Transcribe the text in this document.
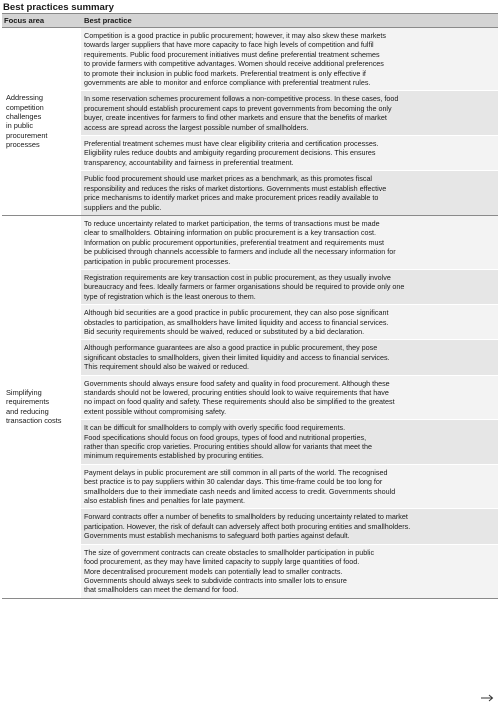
Best practices summary
Focus area	Best practice
Addressing
competition
challenges
in public
procurement
processes
Competition is a good practice in public procurement; however, it may also skew these markets
towards larger suppliers that have more capacity to face high levels of competition and fulfil
requirements. Public food procurement initiatives must define preferential treatment schemes
to provide farmers with competitive advantages. Women should receive additional preferences
to promote their inclusion in public food markets. Preferential treatment is only effective if
governments are able to monitor and enforce compliance with preferential treatment rules.
In some reservation schemes procurement follows a non-competitive process. In these cases, food
procurement should establish procurement caps to prevent governments from becoming the only
buyer, create incentives for farmers to find other markets and ensure that the benefits of market
access are spread across the largest possible number of smallholders.
Preferential treatment schemes must have clear eligibility criteria and certification processes.
Eligibility rules reduce doubts and ambiguity regarding procurement decisions. This ensures
transparency, accountability and fairness in preferential treatment.
Public food procurement should use market prices as a benchmark, as this promotes fiscal
responsibility and reduces the risks of market distortions. Governments must establish effective
price mechanisms to identify market prices and make procurement prices readily available to
suppliers and the public.
Simplifying
requirements
and reducing
transaction costs
To reduce uncertainty related to market participation, the terms of transactions must be made
clear to smallholders. Obtaining information on public procurement is a key transaction cost.
Information on public procurement opportunities, preferential treatment and requirements must
be publicised through channels accessible to farmers and include all the necessary information for
participation in public procurement processes.
Registration requirements are key transaction cost in public procurement, as they usually involve
bureaucracy and fees. Ideally farmers or farmer organisations should be required to provide only one
type of registration which is the least onerous to them.
Although bid securities are a good practice in public procurement, they can also pose significant
obstacles to participation, as smallholders have limited liquidity and access to financial services.
Bid security requirements should be waived, reduced or substituted by a bid declaration.
Although performance guarantees are also a good practice in public procurement, they pose
significant obstacles to smallholders, given their limited liquidity and access to financial services.
This requirement should also be waived or reduced.
Governments should always ensure food safety and quality in food procurement. Although these
standards should not be lowered, procuring entities should look to waive requirements that have
no impact on food quality and safety. These requirements should also be simplified to the greatest
extent possible without compromising safety.
It can be difficult for smallholders to comply with overly specific food requirements.
Food specifications should focus on food groups, types of food and nutritional properties,
rather than specific crop varieties. Procuring entities should allow for variants that meet the
minimum requirements established by procuring entities.
Payment delays in public procurement are still common in all parts of the world. The recognised
best practice is to pay suppliers within 30 calendar days. This time-frame could be too long for
smallholders due to their immediate cash needs and limited access to credit. Governments should
also establish fines and penalties for late payment.
Forward contracts offer a number of benefits to smallholders by reducing uncertainty related to market
participation. However, the risk of default can adversely affect both procuring entities and smallholders.
Governments must establish mechanisms to safeguard both parties against default.
The size of government contracts can create obstacles to smallholder participation in public
food procurement, as they may have limited capacity to supply large quantities of food.
More decentralised procurement models can potentially lead to smaller contracts.
Governments should always seek to subdivide contracts into smaller lots to ensure
that smallholders can meet the demand for food.
